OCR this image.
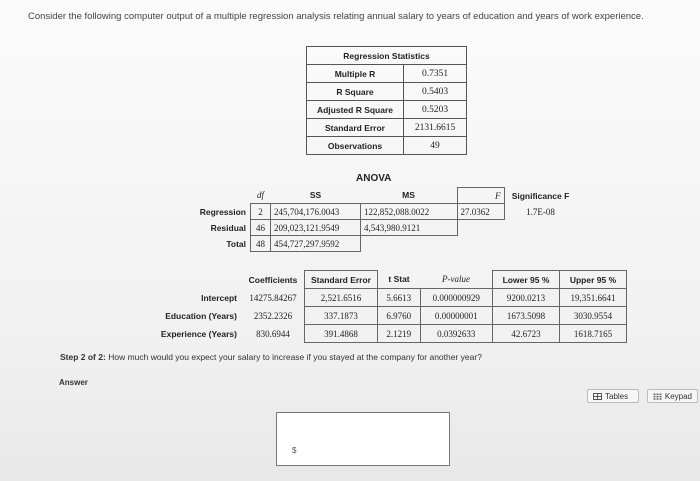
Consider the following computer output of a multiple regression analysis relating annual salary to years of education and years of work experience.
Regression Statistics	
Multiple R	0.7351
R Square	0.5403
Adjusted R Square	0.5203
Standard Error	2131.6615
Observations	49
ANOVA
	df	SS	MS	F	Significance F
Regression	2	245,704,176.0043	122,852,088.0022	27.0362	1.7E-08
Residual	46	209,023,121.9549	4,543,980.9121		
Total	48	454,727,297.9592			
	Coefficients	Standard Error	t Stat	P-value	Lower 95 %	Upper 95 %
Intercept	14275.84267	2,521.6516	5.6613	0.000000929	9200.0213	19,351.6641
Education (Years)	2352.2326	337.1873	6.9760	0.00000001	1673.5098	3030.9554
Experience (Years)	830.6944	391.4868	2.1219	0.0392633	42.6723	1618.7165
Step 2 of 2: How much would you expect your salary to increase if you stayed at the company for another year?
Answer
Tables	Keypad
$
